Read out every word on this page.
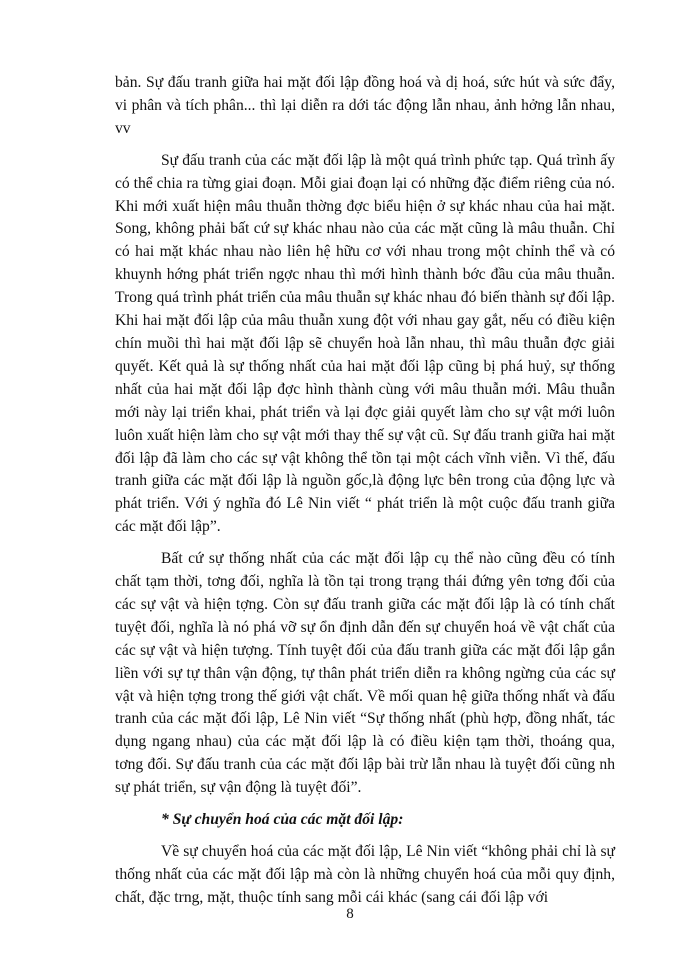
bản. Sự đấu tranh giữa hai mặt đối lập đồng hoá và dị hoá, sức hút và sức đẩy, vi phân và tích phân... thì lại diễn ra dới tác động lẫn nhau, ảnh hởng lẫn nhau, vv

Sự đấu tranh của các mặt đối lập là một quá trình phức tạp. Quá trình ấy có thể chia ra từng giai đoạn. Mỗi giai đoạn lại có những đặc điểm riêng của nó. Khi mới xuất hiện mâu thuẫn thờng đợc biểu hiện ở sự khác nhau của hai mặt. Song, không phải bất cứ sự khác nhau nào của các mặt cũng là mâu thuẫn. Chỉ có hai mặt khác nhau nào liên hệ hữu cơ với nhau trong một chỉnh thể và có khuynh hớng phát triển ngợc nhau thì mới hình thành bớc đầu của mâu thuẫn. Trong quá trình phát triển của mâu thuẫn sự khác nhau đó biến thành sự đối lập. Khi hai mặt đối lập của mâu thuẫn xung đột với nhau gay gắt, nếu có điều kiện chín muồi thì hai mặt đối lập sẽ chuyển hoà lẫn nhau, thì mâu thuẫn đợc giải quyết. Kết quả là sự thống nhất của hai mặt đối lập cũng bị phá huỷ, sự thống nhất của hai mặt đối lập đợc hình thành cùng với mâu thuẫn mới. Mâu thuẫn mới này lại triển khai, phát triển và lại đợc giải quyết làm cho sự vật mới luôn luôn xuất hiện làm cho sự vật mới thay thế sự vật cũ. Sự đấu tranh giữa hai mặt đối lập đã làm cho các sự vật không thể tồn tại một cách vĩnh viễn. Vì thế, đấu tranh giữa các mặt đối lập là nguồn gốc,là động lực bên trong của động lực và phát triển. Với ý nghĩa đó Lê Nin viết “ phát triển là một cuộc đấu tranh giữa các mặt đối lập”.

Bất cứ sự thống nhất của các mặt đối lập cụ thể nào cũng đều có tính chất tạm thời, tơng đối, nghĩa là tồn tại trong trạng thái đứng yên tơng đối của các sự vật và hiện tợng. Còn sự đấu tranh giữa các mặt đối lập là có tính chất tuyệt đối, nghĩa là nó phá vỡ sự ổn định dẫn đến sự chuyển hoá về vật chất của các sự vật và hiện tượng. Tính tuyệt đối của đấu tranh giữa các mặt đối lập gắn liền với sự tự thân vận động, tự thân phát triển diễn ra không ngừng của các sự vật và hiện tợng trong thế giới vật chất. Về mối quan hệ giữa thống nhất và đấu tranh của các mặt đối lập, Lê Nin viết “Sự thống nhất (phù hợp, đồng nhất, tác dụng ngang nhau) của các mặt đối lập là có điều kiện tạm thời, thoáng qua, tơng đối. Sự đấu tranh của các mặt đối lập bài trừ lẫn nhau là tuyệt đối cũng nh sự phát triển, sự vận động là tuyệt đối”.

* Sự chuyển hoá của các mặt đối lập:

Về sự chuyển hoá của các mặt đối lập, Lê Nin viết “không phải chỉ là sự thống nhất của các mặt đối lập mà còn là những chuyển hoá của mỗi quy định, chất, đặc trng, mặt, thuộc tính sang mỗi cái khác (sang cái đối lập với

8
